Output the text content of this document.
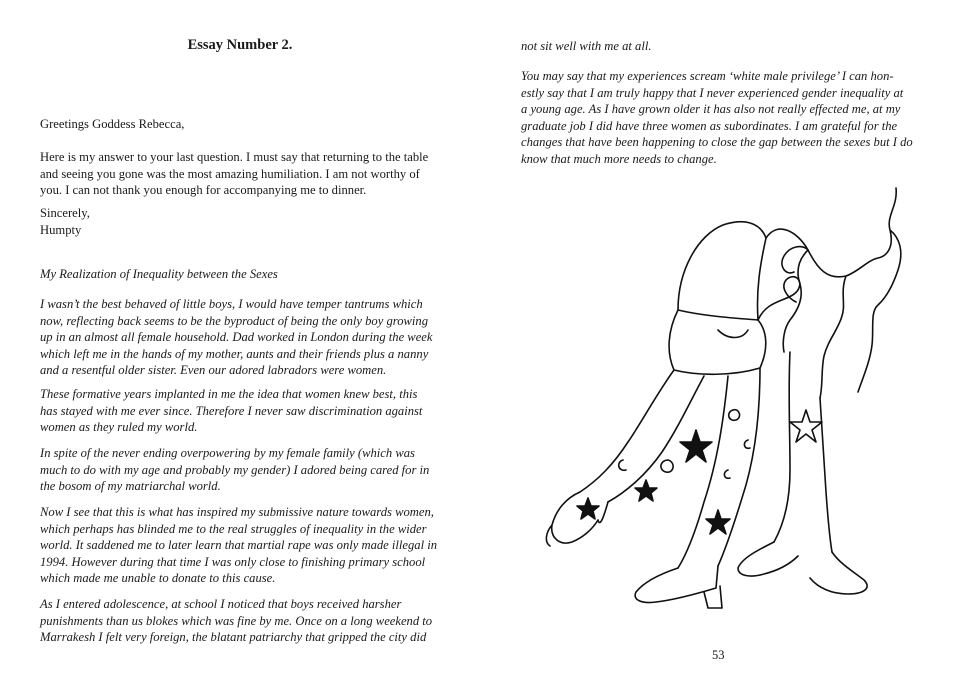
Essay Number 2.
Greetings Goddess Rebecca,

Here is my answer to your last question. I must say that returning to the table

and seeing you gone was the most amazing humiliation. I am not worthy of

you. I can not thank you enough for accompanying me to dinner.

Sincerely,

Humpty

My Realization of Inequality between the Sexes

I wasn’t the best behaved of little boys, I would have temper tantrums which

now, reflecting back seems to be the byproduct of being the only boy growing

up in an almost all female household. Dad worked in London during the week

which left me in the hands of my mother, aunts and their friends plus a nanny

and a resentful older sister. Even our adored labradors were women.

These formative years implanted in me the idea that women knew best, this

has stayed with me ever since. Therefore I never saw discrimination against

women as they ruled my world.

In spite of the never ending overpowering by my female family (which was

much to do with my age and probably my gender) I adored being cared for in

the bosom of my matriarchal world.

Now I see that this is what has inspired my submissive nature towards women,

which perhaps has blinded me to the real struggles of inequality in the wider

world. It saddened me to later learn that martial rape was only made illegal in

1994. However during that time I was only close to finishing primary school

which made me unable to donate to this cause.

As I entered adolescence, at school I noticed that boys received harsher

punishments than us blokes which was fine by me. Once on a long weekend to

Marrakesh I felt very foreign, the blatant patriarchy that gripped the city did

not sit well with me at all.

You may say that my experiences scream ‘white male privilege’ I can hon-

estly say that I am truly happy that I never experienced gender inequality at

a young age. As I have grown older it has also not really effected me, at my

graduate job I did have three women as subordinates. I am grateful for the

changes that have been happening to close the gap between the sexes but I do

know that much more needs to change.

53
